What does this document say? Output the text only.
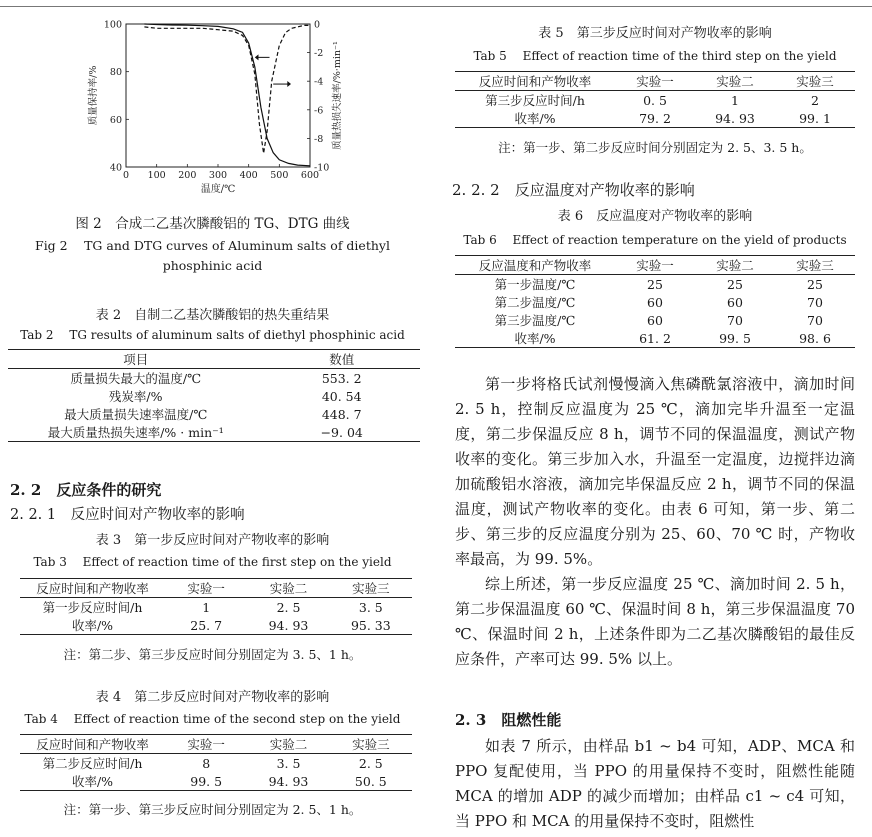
0 100 200 300 400 500 600
100
80
60
40
0
-2
-4
-6
-8
-10
温度/℃
质量保持率/%	质量热损失速率/%·min⁻¹
图 2　合成二乙基次膦酸铝的 TG、DTG 曲线
Fig 2　 TG and DTG curves of Aluminum salts of diethyl
phosphinic acid
表 2　自制二乙基次膦酸铝的热失重结果
Tab 2　 TG results of aluminum salts of diethyl phosphinic acid
项目	数值
质量损失最大的温度/℃	553. 2
残炭率/%	40. 54
最大质量损失速率温度/℃	448. 7
最大质量热损失速率/% · min⁻¹	−9. 04
2. 2　反应条件的研究
2. 2. 1　反应时间对产物收率的影响
表 3　第一步反应时间对产物收率的影响
Tab 3　 Effect of reaction time of the first step on the yield
反应时间和产物收率	实验一	实验二	实验三
第一步反应时间/h	1	2. 5	3. 5
收率/%	25. 7	94. 93	95. 33
注：第二步、第三步反应时间分别固定为 3. 5、1 h。
表 4　第二步反应时间对产物收率的影响
Tab 4　 Effect of reaction time of the second step on the yield
反应时间和产物收率	实验一	实验二	实验三
第二步反应时间/h	8	3. 5	2. 5
收率/%	99. 5	94. 93	50. 5
注：第一步、第三步反应时间分别固定为 2. 5、1 h。
表 5　第三步反应时间对产物收率的影响
Tab 5　 Effect of reaction time of the third step on the yield
反应时间和产物收率	实验一	实验二	实验三
第三步反应时间/h	0. 5	1	2
收率/%	79. 2	94. 93	99. 1
注：第一步、第二步反应时间分别固定为 2. 5、3. 5 h。
2. 2. 2　反应温度对产物收率的影响
表 6　反应温度对产物收率的影响
Tab 6　 Effect of reaction temperature on the yield of products
反应温度和产物收率	实验一	实验二	实验三
第一步温度/℃	25	25	25
第二步温度/℃	60	60	70
第三步温度/℃	60	70	70
收率/%	61. 2	99. 5	98. 6

第一步将格氏试剂慢慢滴入焦磷酰氯溶液中，滴加时间 2. 5 h，控制反应温度为 25 ℃，滴加完毕升温至一定温度，第二步保温反应 8 h，调节不同的保温温度，测试产物收率的变化。第三步加入水，升温至一定温度，边搅拌边滴加硫酸铝水溶液，滴加完毕保温反应 2 h，调节不同的保温温度，测试产物收率的变化。由表 6 可知，第一步、第二步、第三步的反应温度分别为 25、60、70 ℃ 时，产物收率最高，为 99. 5%。

综上所述，第一步反应温度 25 ℃、滴加时间 2. 5 h，第二步保温温度 60 ℃、保温时间 8 h，第三步保温温度 70 ℃、保温时间 2 h，上述条件即为二乙基次膦酸铝的最佳反应条件，产率可达 99. 5% 以上。

2. 3　阻燃性能

如表 7 所示，由样品 b1 ~ b4 可知，ADP、MCA 和 PPO 复配使用，当 PPO 的用量保持不变时，阻燃性能随 MCA 的增加 ADP 的减少而增加；由样品 c1 ~ c4 可知，当 PPO 和 MCA 的用量保持不变时，阻燃性
